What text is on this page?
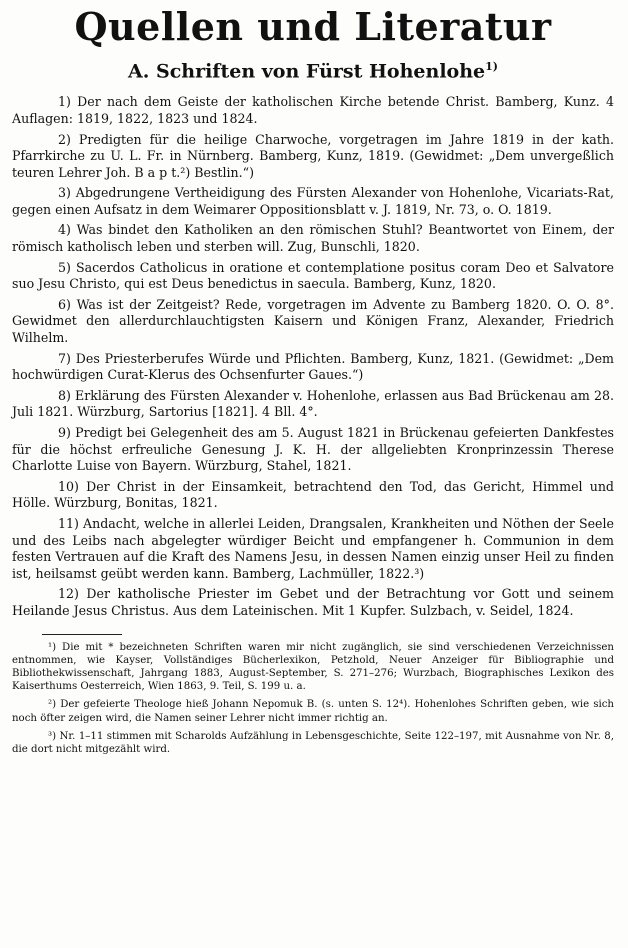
Quellen und Literatur
A. Schriften von Fürst Hohenlohe$^{1)}$

1) Der nach dem Geiste der katholischen Kirche betende Christ. Bamberg, Kunz. 4 Auflagen: 1819, 1822, 1823 und 1824.

2) Predigten für die heilige Charwoche, vorgetragen im Jahre 1819 in der kath. Pfarrkirche zu U. L. Fr. in Nürnberg. Bamberg, Kunz, 1819. (Gewidmet: „Dem unvergeßlich teuren Lehrer Joh. B a p t.²) Bestlin.“)

3) Abgedrungene Vertheidigung des Fürsten Alexander von Hohenlohe, Vicariats-Rat, gegen einen Aufsatz in dem Weimarer Oppositionsblatt v. J. 1819, Nr. 73, o. O. 1819.

4) Was bindet den Katholiken an den römischen Stuhl? Beantwortet von Einem, der römisch katholisch leben und sterben will. Zug, Bunschli, 1820.

5) Sacerdos Catholicus in oratione et contemplatione positus coram Deo et Salvatore suo Jesu Christo, qui est Deus benedictus in saecula. Bamberg, Kunz, 1820.

6) Was ist der Zeitgeist? Rede, vorgetragen im Advente zu Bamberg 1820. O. O. 8°. Gewidmet den allerdurchlauchtigsten Kaisern und Königen Franz, Alexander, Friedrich Wilhelm.

7) Des Priesterberufes Würde und Pflichten. Bamberg, Kunz, 1821. (Gewidmet: „Dem hochwürdigen Curat-Klerus des Ochsenfurter Gaues.“)

8) Erklärung des Fürsten Alexander v. Hohenlohe, erlassen aus Bad Brückenau am 28. Juli 1821. Würzburg, Sartorius [1821]. 4 Bll. 4°.

9) Predigt bei Gelegenheit des am 5. August 1821 in Brückenau gefeierten Dankfestes für die höchst erfreuliche Genesung J. K. H. der allgeliebten Kronprinzessin Therese Charlotte Luise von Bayern. Würzburg, Stahel, 1821.

10) Der Christ in der Einsamkeit, betrachtend den Tod, das Gericht, Himmel und Hölle. Würzburg, Bonitas, 1821.

11) Andacht, welche in allerlei Leiden, Drangsalen, Krankheiten und Nöthen der Seele und des Leibs nach abgelegter würdiger Beicht und empfangener h. Communion in dem festen Vertrauen auf die Kraft des Namens Jesu, in dessen Namen einzig unser Heil zu finden ist, heilsamst geübt werden kann. Bamberg, Lachmüller, 1822.³)

12) Der katholische Priester im Gebet und der Betrachtung vor Gott und seinem Heilande Jesus Christus. Aus dem Lateinischen. Mit 1 Kupfer. Sulzbach, v. Seidel, 1824.

¹) Die mit * bezeichneten Schriften waren mir nicht zugänglich, sie sind verschiedenen Verzeichnissen entnommen, wie Kayser, Vollständiges Bücherlexikon, Petzhold, Neuer Anzeiger für Bibliographie und Bibliothekwissenschaft, Jahrgang 1883, August-September, S. 271–276; Wurzbach, Biographisches Lexikon des Kaiserthums Oesterreich, Wien 1863, 9. Teil, S. 199 u. a.

²) Der gefeierte Theologe hieß Johann Nepomuk B. (s. unten S. 12⁴). Hohenlohes Schriften geben, wie sich noch öfter zeigen wird, die Namen seiner Lehrer nicht immer richtig an.

³) Nr. 1–11 stimmen mit Scharolds Aufzählung in Lebensgeschichte, Seite 122–197, mit Ausnahme von Nr. 8, die dort nicht mitgezählt wird.
